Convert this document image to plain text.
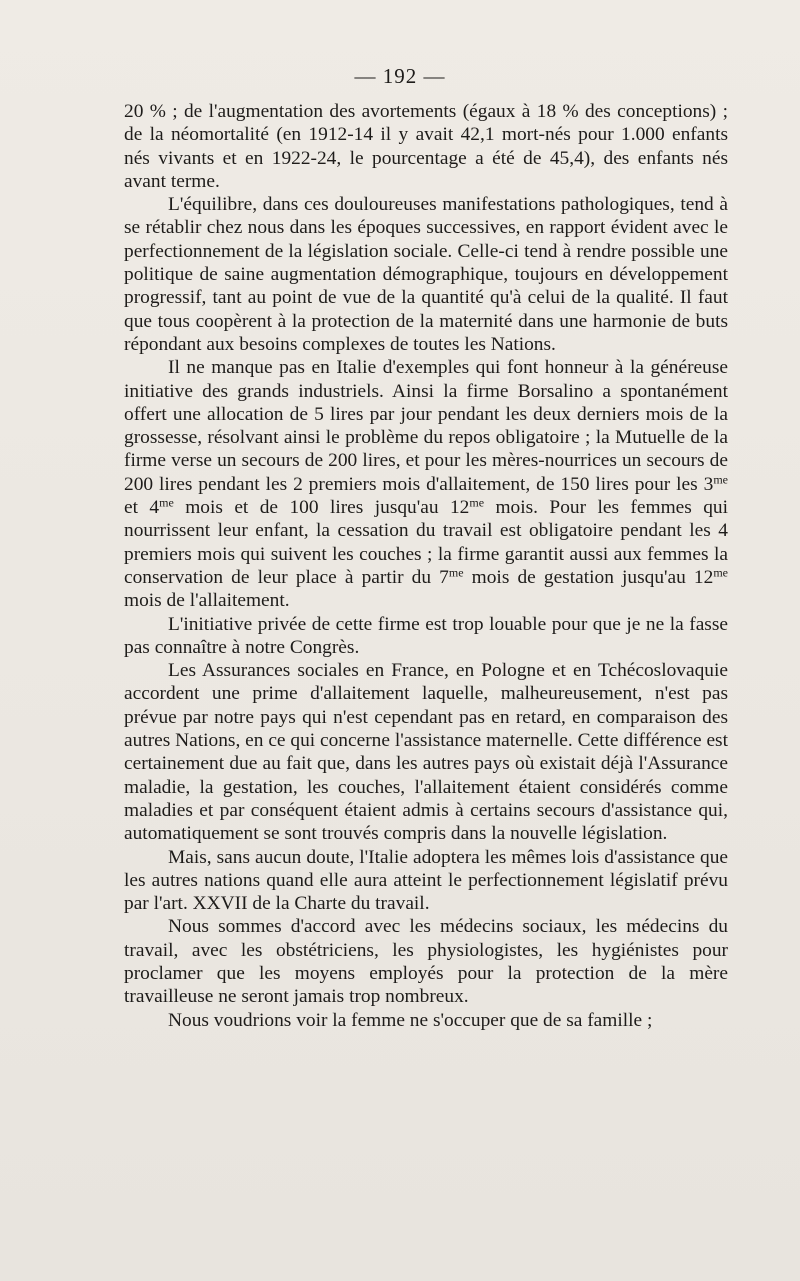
— 192 —

20 % ; de l'augmentation des avortements (égaux à 18 % des conceptions) ; de la néomortalité (en 1912-14 il y avait 42,1 mort-nés pour 1.000 enfants nés vivants et en 1922-24, le pourcentage a été de 45,4), des enfants nés avant terme.

L'équilibre, dans ces douloureuses manifestations pathologiques, tend à se rétablir chez nous dans les époques successives, en rapport évident avec le perfectionnement de la législation sociale. Celle-ci tend à rendre possible une politique de saine augmentation démographique, toujours en développement progressif, tant au point de vue de la quantité qu'à celui de la qualité. Il faut que tous coopèrent à la protection de la maternité dans une harmonie de buts répondant aux besoins complexes de toutes les Nations.

Il ne manque pas en Italie d'exemples qui font honneur à la généreuse initiative des grands industriels. Ainsi la firme Borsalino a spontanément offert une allocation de 5 lires par jour pendant les deux derniers mois de la grossesse, résolvant ainsi le problème du repos obligatoire ; la Mutuelle de la firme verse un secours de 200 lires, et pour les mères-nourrices un secours de 200 lires pendant les 2 premiers mois d'allaitement, de 150 lires pour les $3^{me}$ et $4^{me}$ mois et de 100 lires jusqu'au $12^{me}$ mois. Pour les femmes qui nourrissent leur enfant, la cessation du travail est obligatoire pendant les 4 premiers mois qui suivent les couches ; la firme garantit aussi aux femmes la conservation de leur place à partir du $7^{me}$ mois de gestation jusqu'au $12^{me}$ mois de l'allaitement.

L'initiative privée de cette firme est trop louable pour que je ne la fasse pas connaître à notre Congrès.

Les Assurances sociales en France, en Pologne et en Tchécoslovaquie accordent une prime d'allaitement laquelle, malheureusement, n'est pas prévue par notre pays qui n'est cependant pas en retard, en comparaison des autres Nations, en ce qui concerne l'assistance maternelle. Cette différence est certainement due au fait que, dans les autres pays où existait déjà l'Assurance maladie, la gestation, les couches, l'allaitement étaient considérés comme maladies et par conséquent étaient admis à certains secours d'assistance qui, automatiquement se sont trouvés compris dans la nouvelle législation.

Mais, sans aucun doute, l'Italie adoptera les mêmes lois d'assistance que les autres nations quand elle aura atteint le perfectionnement législatif prévu par l'art. XXVII de la Charte du travail.

Nous sommes d'accord avec les médecins sociaux, les médecins du travail, avec les obstétriciens, les physiologistes, les hygiénistes pour proclamer que les moyens employés pour la protection de la mère travailleuse ne seront jamais trop nombreux.

Nous voudrions voir la femme ne s'occuper que de sa famille ;
